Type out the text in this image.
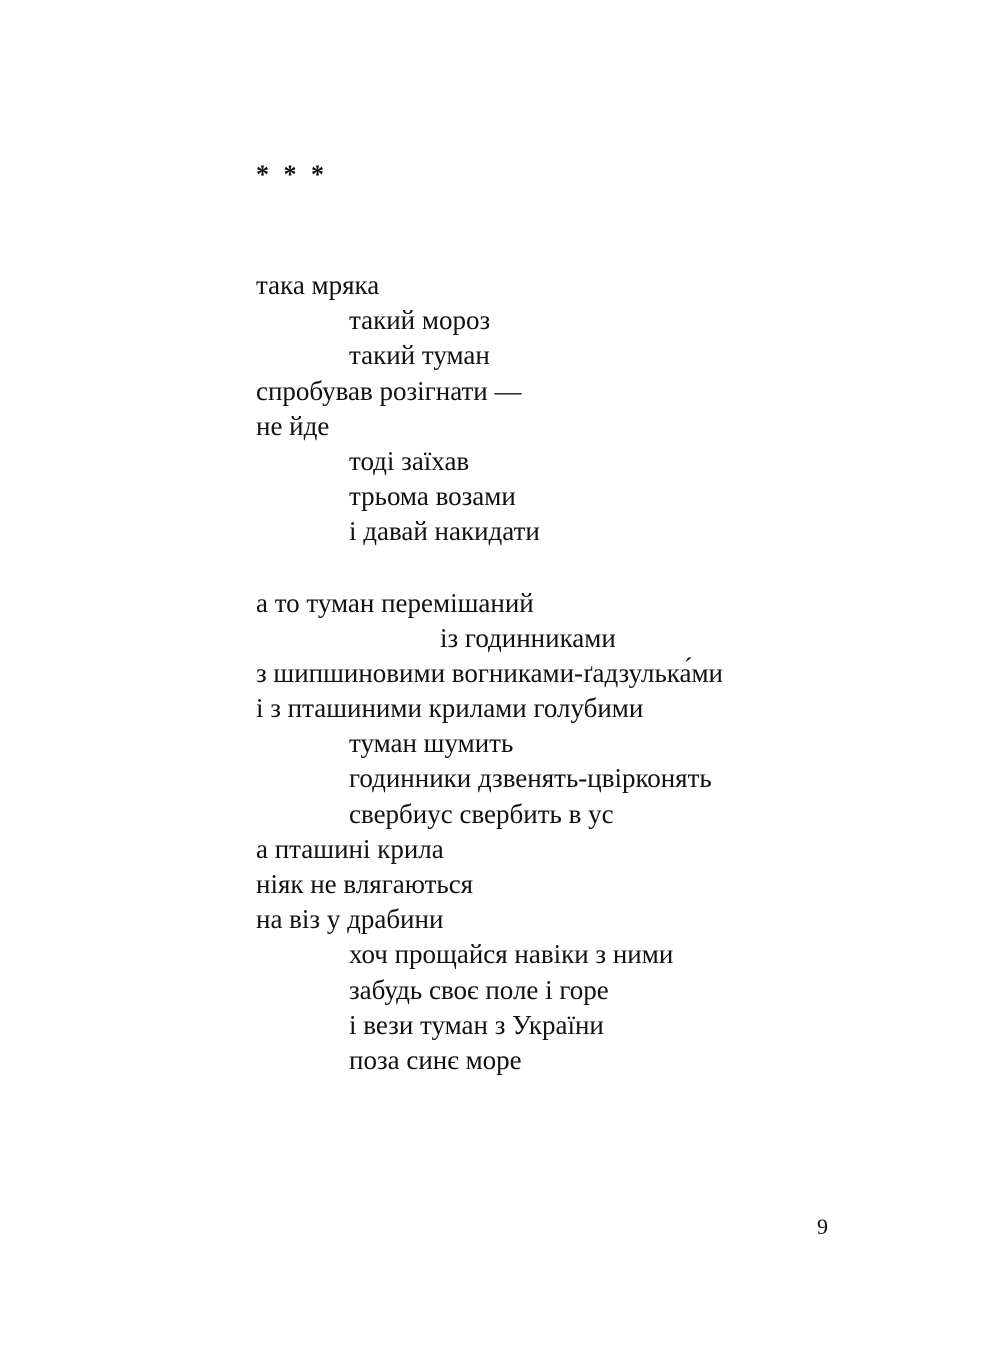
* * *
така мряка
такий мороз
такий туман
спробував розігнати —
не йде
тоді заїхав
трьома возами
і давай накидати
а то туман перемішаний
із годинниками
з шипшиновими вогниками-ґадзулька́ми
і з пташиними крилами голубими
туман шумить
годинники дзвенять-цвірконять
свербиус свербить в ус
а пташині крила
ніяк не влягаються
на віз у драбини
хоч прощайся навіки з ними
забудь своє поле і горе
і вези туман з України
поза синє море
9
